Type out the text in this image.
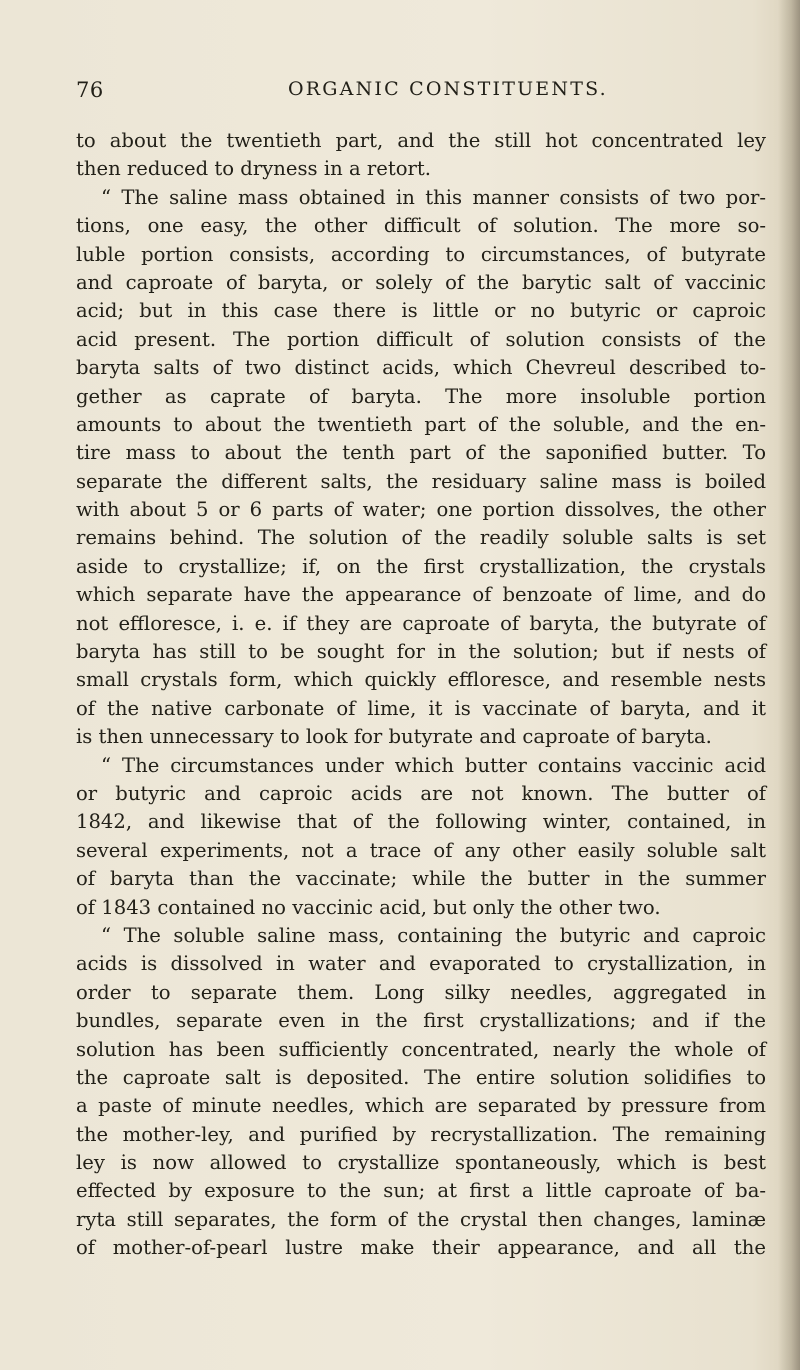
76	ORGANIC CONSTITUENTS.
to about the twentieth part, and the still hot concentrated ley
then reduced to dryness in a retort.
“ The saline mass obtained in this manner consists of two por-
tions, one easy, the other difficult of solution. The more so-
luble portion consists, according to circumstances, of butyrate
and caproate of baryta, or solely of the barytic salt of vaccinic
acid; but in this case there is little or no butyric or caproic
acid present. The portion difficult of solution consists of the
baryta salts of two distinct acids, which Chevreul described to-
gether as caprate of baryta. The more insoluble portion
amounts to about the twentieth part of the soluble, and the en-
tire mass to about the tenth part of the saponified butter. To
separate the different salts, the residuary saline mass is boiled
with about 5 or 6 parts of water; one portion dissolves, the other
remains behind. The solution of the readily soluble salts is set
aside to crystallize; if, on the first crystallization, the crystals
which separate have the appearance of benzoate of lime, and do
not effloresce, i. e. if they are caproate of baryta, the butyrate of
baryta has still to be sought for in the solution; but if nests of
small crystals form, which quickly effloresce, and resemble nests
of the native carbonate of lime, it is vaccinate of baryta, and it
is then unnecessary to look for butyrate and caproate of baryta.
“ The circumstances under which butter contains vaccinic acid
or butyric and caproic acids are not known. The butter of
1842, and likewise that of the following winter, contained, in
several experiments, not a trace of any other easily soluble salt
of baryta than the vaccinate; while the butter in the summer
of 1843 contained no vaccinic acid, but only the other two.
“ The soluble saline mass, containing the butyric and caproic
acids is dissolved in water and evaporated to crystallization, in
order to separate them. Long silky needles, aggregated in
bundles, separate even in the first crystallizations; and if the
solution has been sufficiently concentrated, nearly the whole of
the caproate salt is deposited. The entire solution solidifies to
a paste of minute needles, which are separated by pressure from
the mother-ley, and purified by recrystallization. The remaining
ley is now allowed to crystallize spontaneously, which is best
effected by exposure to the sun; at first a little caproate of ba-
ryta still separates, the form of the crystal then changes, laminæ
of mother-of-pearl lustre make their appearance, and all the
